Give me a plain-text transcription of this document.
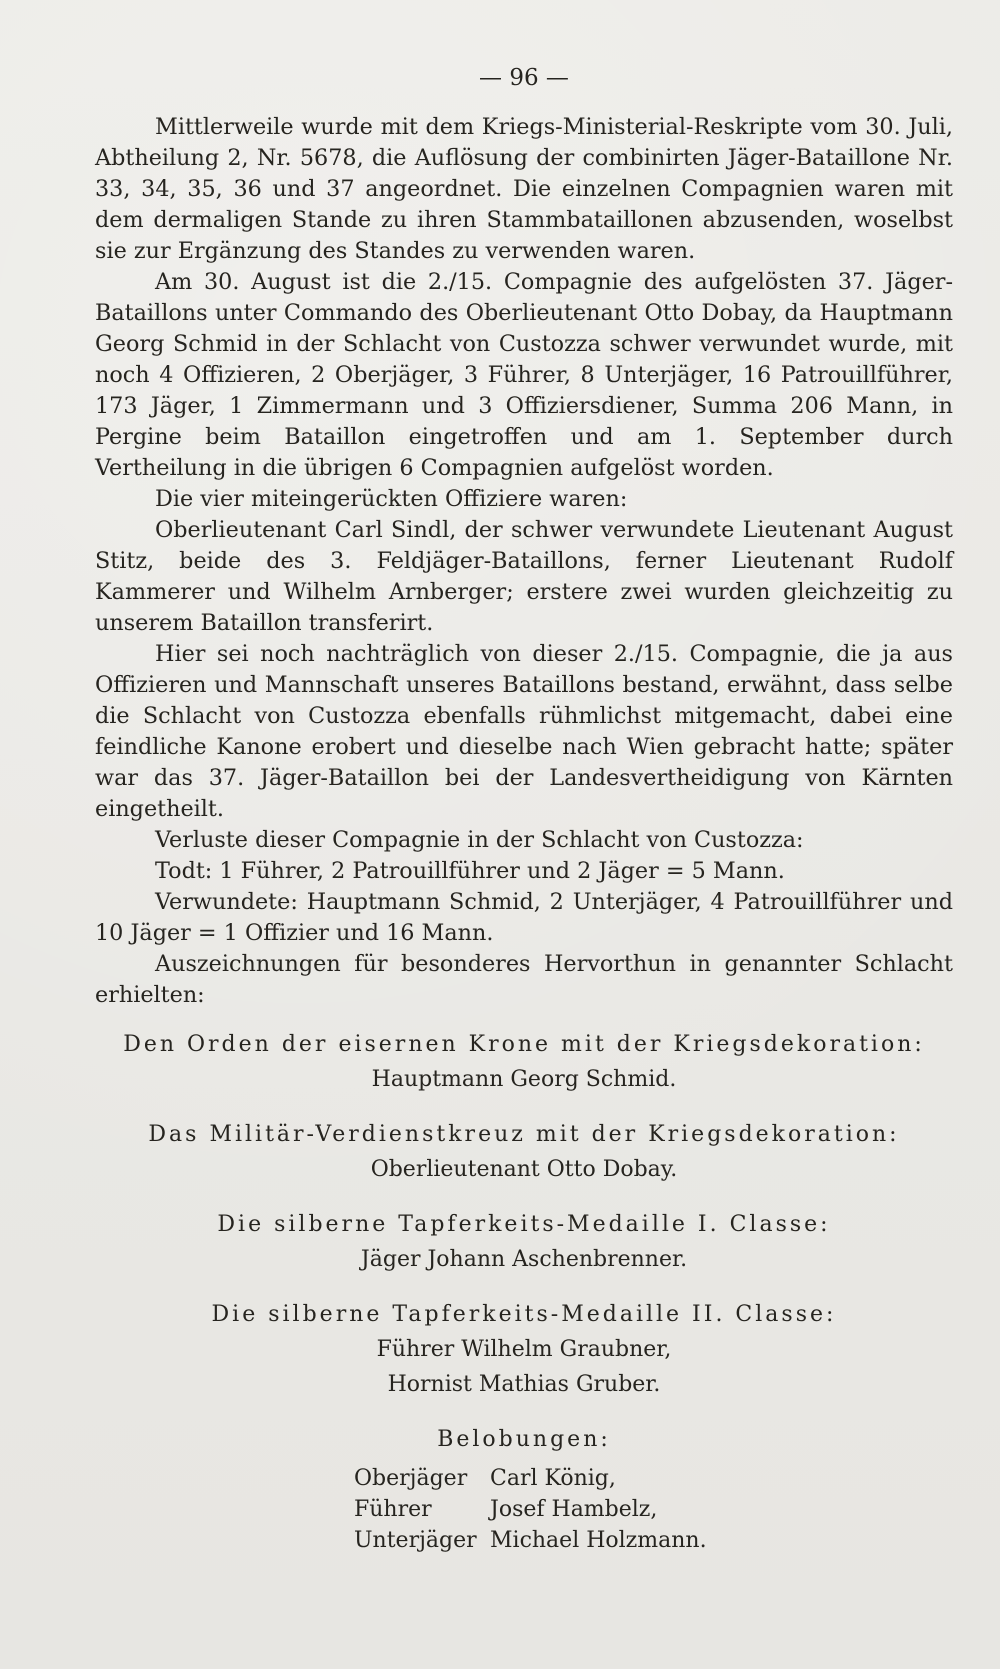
— 96 —

Mittlerweile wurde mit dem Kriegs-Ministerial-Reskripte vom 30. Juli, Abtheilung 2, Nr. 5678, die Auflösung der combinirten Jäger-Bataillone Nr. 33, 34, 35, 36 und 37 angeordnet. Die einzelnen Compagnien waren mit dem dermaligen Stande zu ihren Stammbataillonen abzusenden, woselbst sie zur Ergänzung des Standes zu verwenden waren.

Am 30. August ist die 2./15. Compagnie des aufgelösten 37. Jäger-Bataillons unter Commando des Oberlieutenant Otto Dobay, da Hauptmann Georg Schmid in der Schlacht von Custozza schwer verwundet wurde, mit noch 4 Offizieren, 2 Oberjäger, 3 Führer, 8 Unterjäger, 16 Patrouillführer, 173 Jäger, 1 Zimmermann und 3 Offiziersdiener, Summa 206 Mann, in Pergine beim Bataillon eingetroffen und am 1. September durch Vertheilung in die übrigen 6 Compagnien aufgelöst worden.

Die vier miteingerückten Offiziere waren:

Oberlieutenant Carl Sindl, der schwer verwundete Lieutenant August Stitz, beide des 3. Feldjäger-Bataillons, ferner Lieutenant Rudolf Kammerer und Wilhelm Arnberger; erstere zwei wurden gleichzeitig zu unserem Bataillon transferirt.

Hier sei noch nachträglich von dieser 2./15. Compagnie, die ja aus Offizieren und Mannschaft unseres Bataillons bestand, erwähnt, dass selbe die Schlacht von Custozza ebenfalls rühmlichst mitgemacht, dabei eine feindliche Kanone erobert und dieselbe nach Wien gebracht hatte; später war das 37. Jäger-Bataillon bei der Landesvertheidigung von Kärnten eingetheilt.

Verluste dieser Compagnie in der Schlacht von Custozza:

Todt: 1 Führer, 2 Patrouillführer und 2 Jäger = 5 Mann.

Verwundete: Hauptmann Schmid, 2 Unterjäger, 4 Patrouillführer und 10 Jäger = 1 Offizier und 16 Mann.

Auszeichnungen für besonderes Hervorthun in genannter Schlacht erhielten:

Den Orden der eisernen Krone mit der Kriegsdekoration:
Hauptmann Georg Schmid.
Das Militär-Verdienstkreuz mit der Kriegsdekoration:
Oberlieutenant Otto Dobay.
Die silberne Tapferkeits-Medaille I. Classe:
Jäger Johann Aschenbrenner.
Die silberne Tapferkeits-Medaille II. Classe:
Führer Wilhelm Graubner,
Hornist Mathias Gruber.
Belobungen:
Oberjäger	Carl König,
Führer	Josef Hambelz,
Unterjäger Michael Holzmann.
